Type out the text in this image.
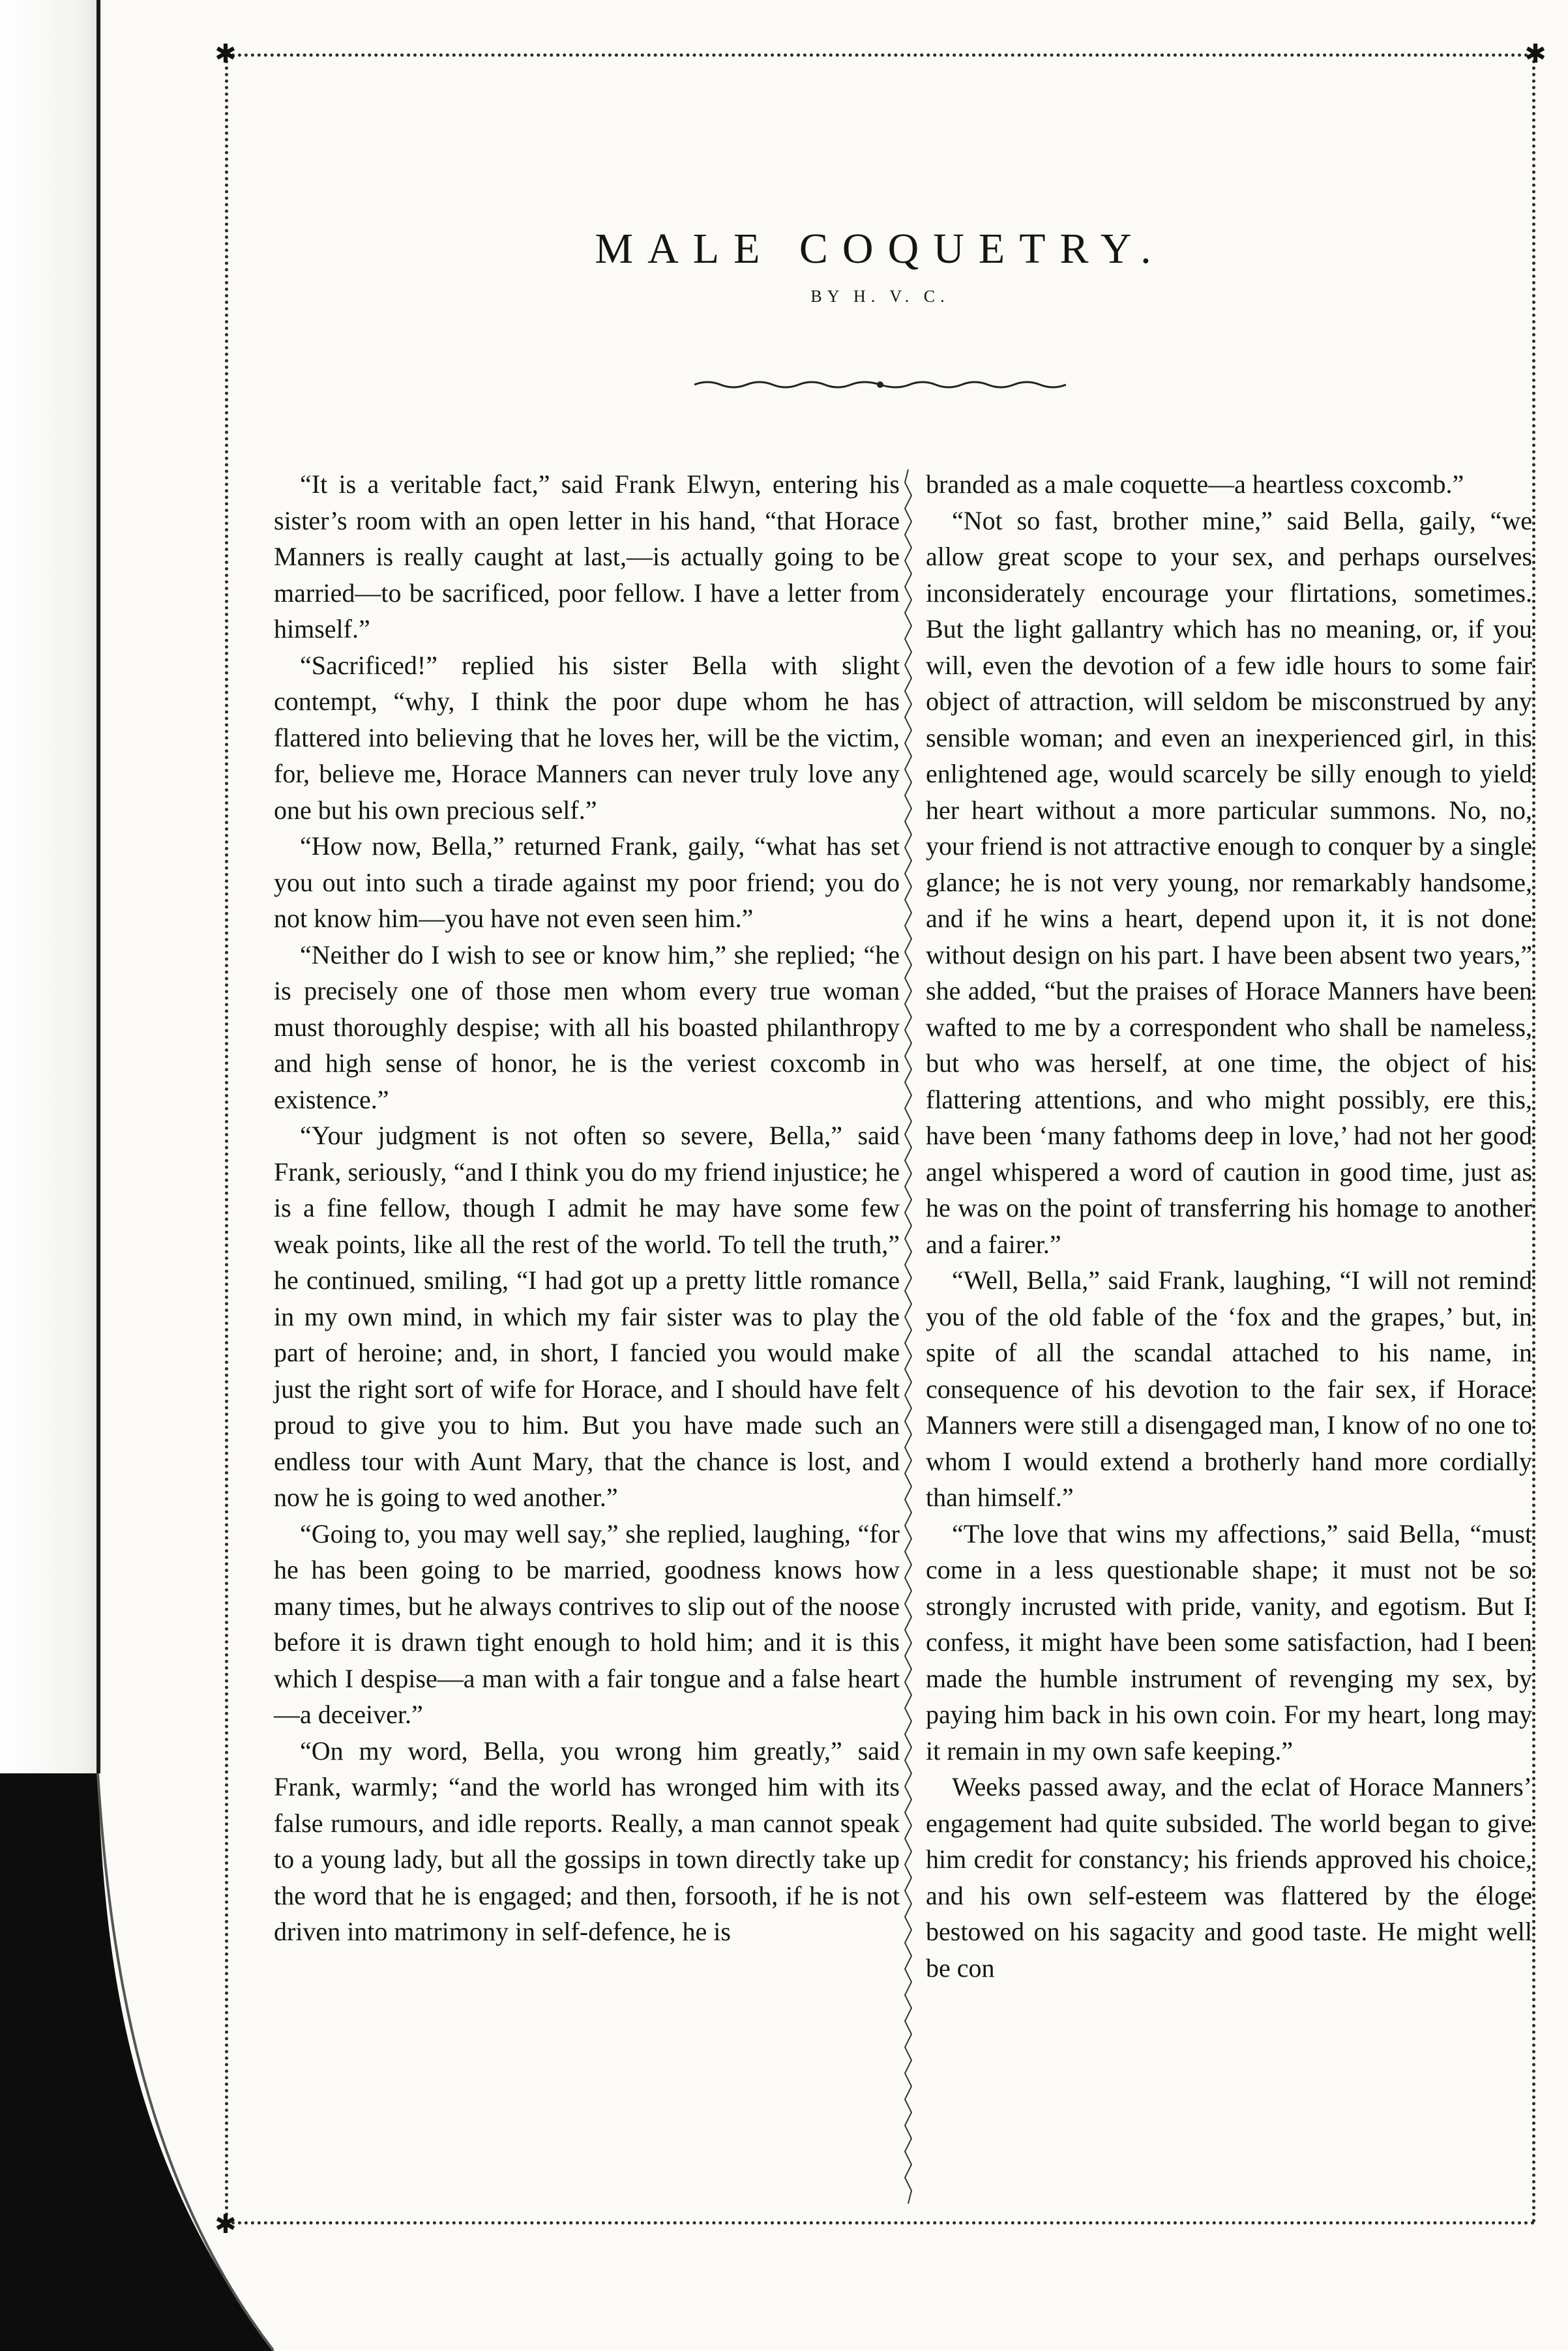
✱	✱
✱
MALE COQUETRY.
BY H. V. C.

“It is a veritable fact,” said Frank Elwyn, entering his sister’s room with an open letter in his hand, “that Horace Manners is really caught at last,—is actually going to be married—to be sacrificed, poor fellow. I have a letter from himself.”

“Sacrificed!” replied his sister Bella with slight contempt, “why, I think the poor dupe whom he has flattered into believing that he loves her, will be the victim, for, believe me, Horace Manners can never truly love any one but his own precious self.”

“How now, Bella,” returned Frank, gaily, “what has set you out into such a tirade against my poor friend; you do not know him—you have not even seen him.”

“Neither do I wish to see or know him,” she replied; “he is precisely one of those men whom every true woman must thoroughly despise; with all his boasted philanthropy and high sense of honor, he is the veriest coxcomb in existence.”

“Your judgment is not often so severe, Bella,” said Frank, seriously, “and I think you do my friend injustice; he is a fine fellow, though I admit he may have some few weak points, like all the rest of the world. To tell the truth,” he continued, smiling, “I had got up a pretty little romance in my own mind, in which my fair sister was to play the part of heroine; and, in short, I fancied you would make just the right sort of wife for Horace, and I should have felt proud to give you to him. But you have made such an endless tour with Aunt Mary, that the chance is lost, and now he is going to wed another.”

“Going to, you may well say,” she replied, laughing, “for he has been going to be married, goodness knows how many times, but he always contrives to slip out of the noose before it is drawn tight enough to hold him; and it is this which I despise—a man with a fair tongue and a false heart—a deceiver.”

“On my word, Bella, you wrong him greatly,” said Frank, warmly; “and the world has wronged him with its false rumours, and idle reports. Really, a man cannot speak to a young lady, but all the gossips in town directly take up the word that he is engaged; and then, forsooth, if he is not driven into matrimony in self-defence, he is

branded as a male coquette—a heartless coxcomb.”

“Not so fast, brother mine,” said Bella, gaily, “we allow great scope to your sex, and perhaps ourselves inconsiderately encourage your flirtations, sometimes. But the light gallantry which has no meaning, or, if you will, even the devotion of a few idle hours to some fair object of attraction, will seldom be misconstrued by any sensible woman; and even an inexperienced girl, in this enlightened age, would scarcely be silly enough to yield her heart without a more particular summons. No, no, your friend is not attractive enough to conquer by a single glance; he is not very young, nor remarkably handsome, and if he wins a heart, depend upon it, it is not done without design on his part. I have been absent two years,” she added, “but the praises of Horace Manners have been wafted to me by a correspondent who shall be nameless, but who was herself, at one time, the object of his flattering attentions, and who might possibly, ere this, have been ‘many fathoms deep in love,’ had not her good angel whispered a word of caution in good time, just as he was on the point of transferring his homage to another and a fairer.”

“Well, Bella,” said Frank, laughing, “I will not remind you of the old fable of the ‘fox and the grapes,’ but, in spite of all the scandal attached to his name, in consequence of his devotion to the fair sex, if Horace Manners were still a disengaged man, I know of no one to whom I would extend a brotherly hand more cordially than himself.”

“The love that wins my affections,” said Bella, “must come in a less questionable shape; it must not be so strongly incrusted with pride, vanity, and egotism. But I confess, it might have been some satisfaction, had I been made the humble instrument of revenging my sex, by paying him back in his own coin. For my heart, long may it remain in my own safe keeping.”

Weeks passed away, and the eclat of Horace Manners’ engagement had quite subsided. The world began to give him credit for constancy; his friends approved his choice, and his own self-esteem was flattered by the éloge bestowed on his sagacity and good taste. He might well be con
